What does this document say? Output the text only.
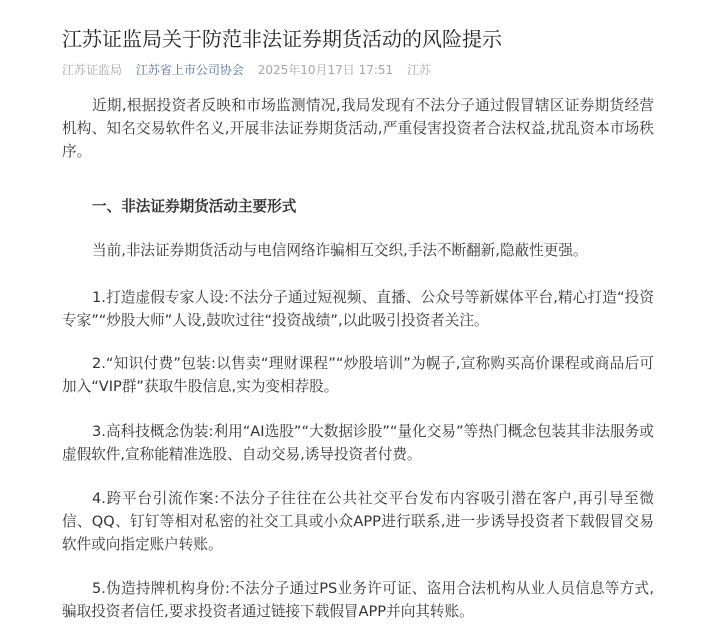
江苏证监局关于防范非法证券期货活动的风险提示
江苏证监局 江苏省上市公司协会 2025年10月17日 17:51 江苏

近期,根据投资者反映和市场监测情况,我局发现有不法分子通过假冒辖区证券期货经营机构、知名交易软件名义,开展非法证券期货活动,严重侵害投资者合法权益,扰乱资本市场秩序。

一、非法证券期货活动主要形式

当前,非法证券期货活动与电信网络诈骗相互交织,手法不断翻新,隐蔽性更强。

1.打造虚假专家人设:不法分子通过短视频、直播、公众号等新媒体平台,精心打造“投资专家”“炒股大师”人设,鼓吹过往“投资战绩”,以此吸引投资者关注。

2.“知识付费”包装:以售卖“理财课程”“炒股培训”为幌子,宣称购买高价课程或商品后可加入“VIP群”获取牛股信息,实为变相荐股。

3.高科技概念伪装:利用“AI选股”“大数据诊股”“量化交易”等热门概念包装其非法服务或虚假软件,宣称能精准选股、自动交易,诱导投资者付费。

4.跨平台引流作案:不法分子往往在公共社交平台发布内容吸引潜在客户,再引导至微信、QQ、钉钉等相对私密的社交工具或小众APP进行联系,进一步诱导投资者下载假冒交易软件或向指定账户转账。

5.伪造持牌机构身份:不法分子通过PS业务许可证、盗用合法机构从业人员信息等方式,骗取投资者信任,要求投资者通过链接下载假冒APP并向其转账。
